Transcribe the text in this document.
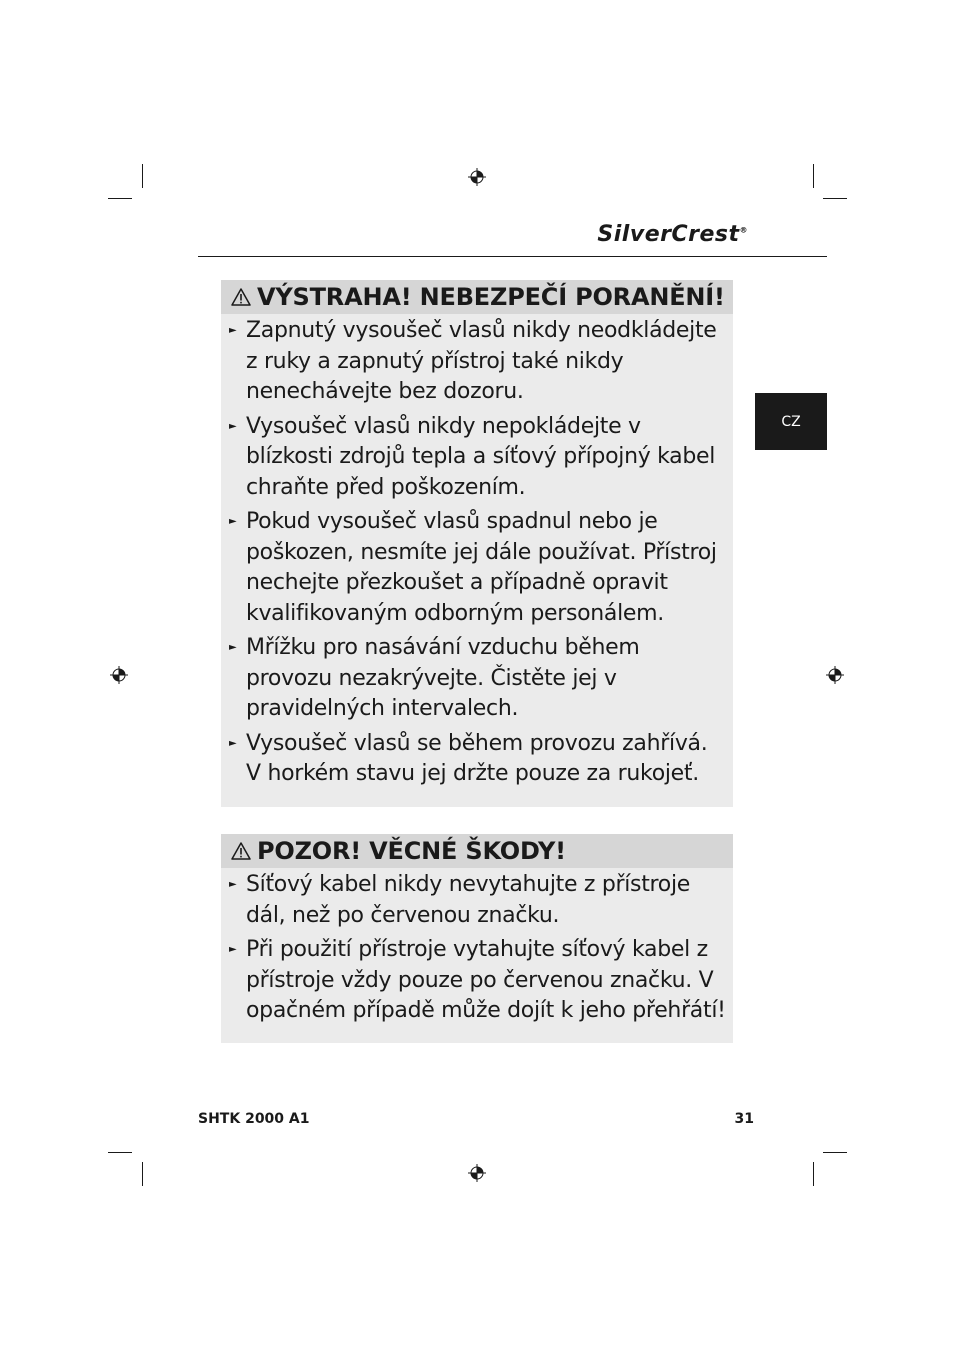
SilverCrest®
CZ
VÝSTRAHA! NEBEZPEČÍ PORANĚNÍ!
► Zapnutý vysoušeč vlasů nikdy neodkládejte z ruky a zapnutý přístroj také nikdy nenechávejte bez dozoru.
► Vysoušeč vlasů nikdy nepokládejte v blízkosti zdrojů tepla a síťový přípojný kabel chraňte před poškozením.
► Pokud vysoušeč vlasů spadnul nebo je poškozen, nesmíte jej dále používat. Přístroj nechejte přezkoušet a případně opravit kvalifikovaným odborným personálem.
► Mřížku pro nasávání vzduchu během provozu nezakrývejte. Čistěte jej v pravidelných intervalech.
► Vysoušeč vlasů se během provozu zahřívá. V horkém stavu jej držte pouze za rukojeť.
POZOR! VĚCNÉ ŠKODY!
► Síťový kabel nikdy nevytahujte z přístroje dál, než po červenou značku.
► Při použití přístroje vytahujte síťový kabel z přístroje vždy pouze po červenou značku. V opačném případě může dojít k jeho přehřátí!
SHTK 2000 A1	31
